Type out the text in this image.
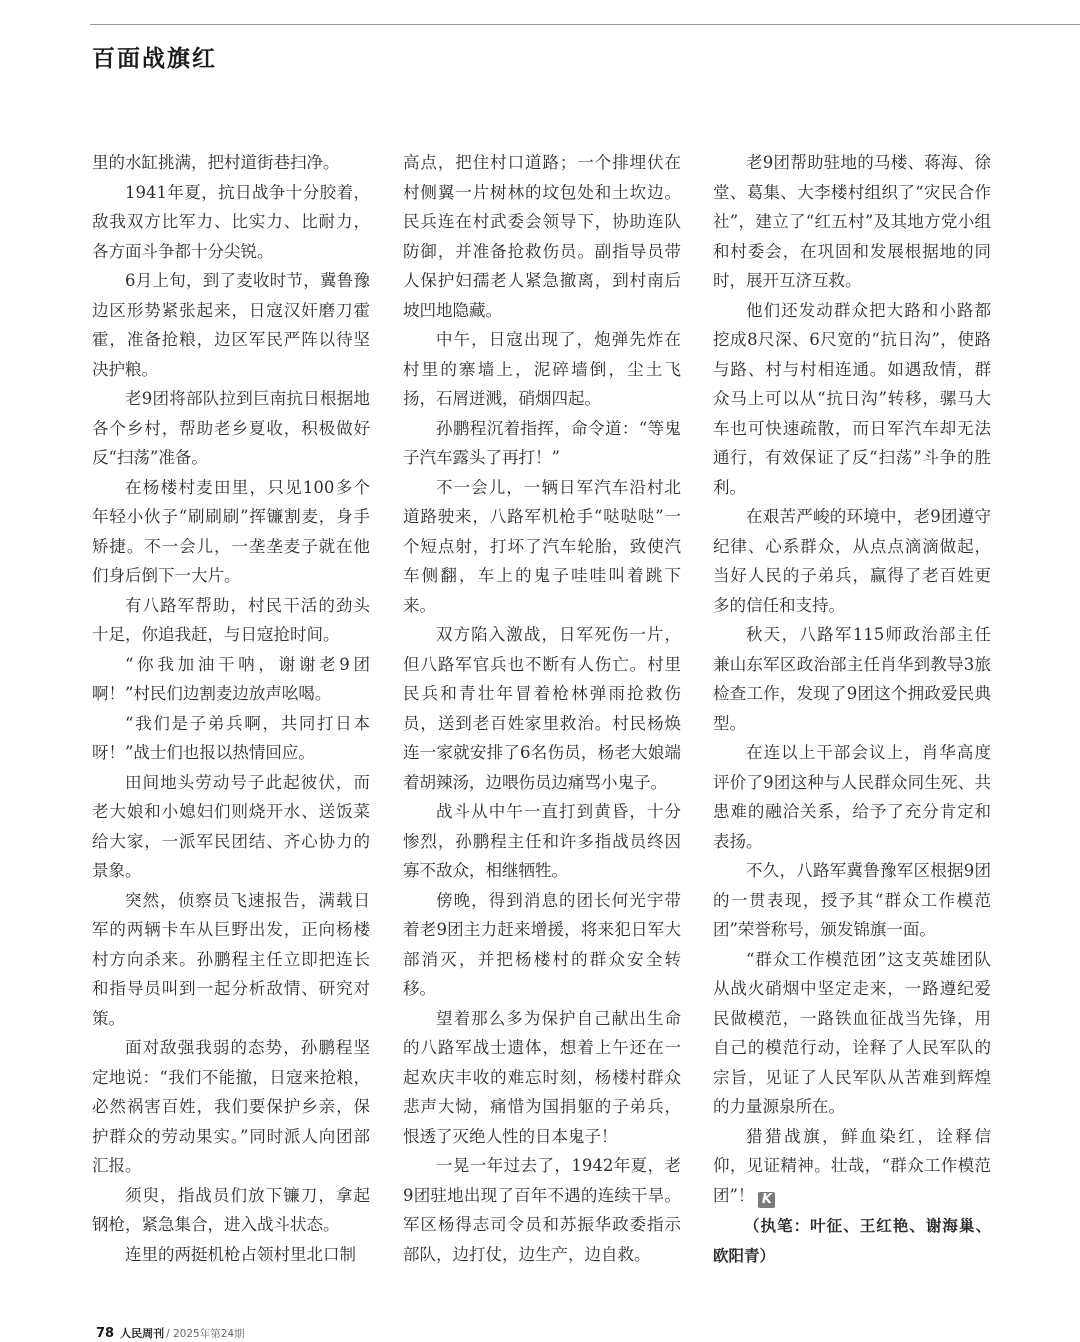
百面战旗红

里的水缸挑满，把村道街巷扫净。

1941年夏，抗日战争十分胶着，敌我双方比军力、比实力、比耐力，各方面斗争都十分尖锐。

6月上旬，到了麦收时节，冀鲁豫边区形势紧张起来，日寇汉奸磨刀霍霍，准备抢粮，边区军民严阵以待坚决护粮。

老9团将部队拉到巨南抗日根据地各个乡村，帮助老乡夏收，积极做好反“扫荡”准备。

在杨楼村麦田里，只见100多个年轻小伙子“刷刷刷”挥镰割麦，身手矫捷。不一会儿，一垄垄麦子就在他们身后倒下一大片。

有八路军帮助，村民干活的劲头十足，你追我赶，与日寇抢时间。

“你我加油干呐，谢谢老9团啊！”村民们边割麦边放声吆喝。

“我们是子弟兵啊，共同打日本呀！”战士们也报以热情回应。

田间地头劳动号子此起彼伏，而老大娘和小媳妇们则烧开水、送饭菜给大家，一派军民团结、齐心协力的景象。

突然，侦察员飞速报告，满载日军的两辆卡车从巨野出发，正向杨楼村方向杀来。孙鹏程主任立即把连长和指导员叫到一起分析敌情、研究对策。

面对敌强我弱的态势，孙鹏程坚定地说：“我们不能撤，日寇来抢粮，必然祸害百姓，我们要保护乡亲，保护群众的劳动果实。”同时派人向团部汇报。

须臾，指战员们放下镰刀，拿起钢枪，紧急集合，进入战斗状态。

连里的两挺机枪占领村里北口制

高点，把住村口道路；一个排埋伏在村侧翼一片树林的坟包处和土坎边。民兵连在村武委会领导下，协助连队防御，并准备抢救伤员。副指导员带人保护妇孺老人紧急撤离，到村南后坡凹地隐藏。

中午，日寇出现了，炮弹先炸在村里的寨墙上，泥碎墙倒，尘土飞扬，石屑迸溅，硝烟四起。

孙鹏程沉着指挥，命令道：“等鬼子汽车露头了再打！”

不一会儿，一辆日军汽车沿村北道路驶来，八路军机枪手“哒哒哒”一个短点射，打坏了汽车轮胎，致使汽车侧翻，车上的鬼子哇哇叫着跳下来。

双方陷入激战，日军死伤一片，但八路军官兵也不断有人伤亡。村里民兵和青壮年冒着枪林弹雨抢救伤员，送到老百姓家里救治。村民杨焕连一家就安排了6名伤员，杨老大娘端着胡辣汤，边喂伤员边痛骂小鬼子。

战斗从中午一直打到黄昏，十分惨烈，孙鹏程主任和许多指战员终因寡不敌众，相继牺牲。

傍晚，得到消息的团长何光宇带着老9团主力赶来增援，将来犯日军大部消灭，并把杨楼村的群众安全转移。

望着那么多为保护自己献出生命的八路军战士遗体，想着上午还在一起欢庆丰收的难忘时刻，杨楼村群众悲声大恸，痛惜为国捐躯的子弟兵，恨透了灭绝人性的日本鬼子！

一晃一年过去了，1942年夏，老9团驻地出现了百年不遇的连续干旱。军区杨得志司令员和苏振华政委指示部队，边打仗，边生产，边自救。

老9团帮助驻地的马楼、蒋海、徐堂、葛集、大李楼村组织了“灾民合作社”，建立了“红五村”及其地方党小组和村委会，在巩固和发展根据地的同时，展开互济互救。

他们还发动群众把大路和小路都挖成8尺深、6尺宽的“抗日沟”，使路与路、村与村相连通。如遇敌情，群众马上可以从“抗日沟”转移，骡马大车也可快速疏散，而日军汽车却无法通行，有效保证了反“扫荡”斗争的胜利。

在艰苦严峻的环境中，老9团遵守纪律、心系群众，从点点滴滴做起，当好人民的子弟兵，赢得了老百姓更多的信任和支持。

秋天，八路军115师政治部主任兼山东军区政治部主任肖华到教导3旅检查工作，发现了9团这个拥政爱民典型。

在连以上干部会议上，肖华高度评价了9团这种与人民群众同生死、共患难的融洽关系，给予了充分肯定和表扬。

不久，八路军冀鲁豫军区根据9团的一贯表现，授予其“群众工作模范团”荣誉称号，颁发锦旗一面。

“群众工作模范团”这支英雄团队从战火硝烟中坚定走来，一路遵纪爱民做模范，一路铁血征战当先锋，用自己的模范行动，诠释了人民军队的宗旨，见证了人民军队从苦难到辉煌的力量源泉所在。

猎猎战旗，鲜血染红，诠释信仰，见证精神。壮哉，“群众工作模范团”！ K

（执笔：叶征、王红艳、谢海巢、欧阳青）
78 人民周刊 / 2025年第24期
